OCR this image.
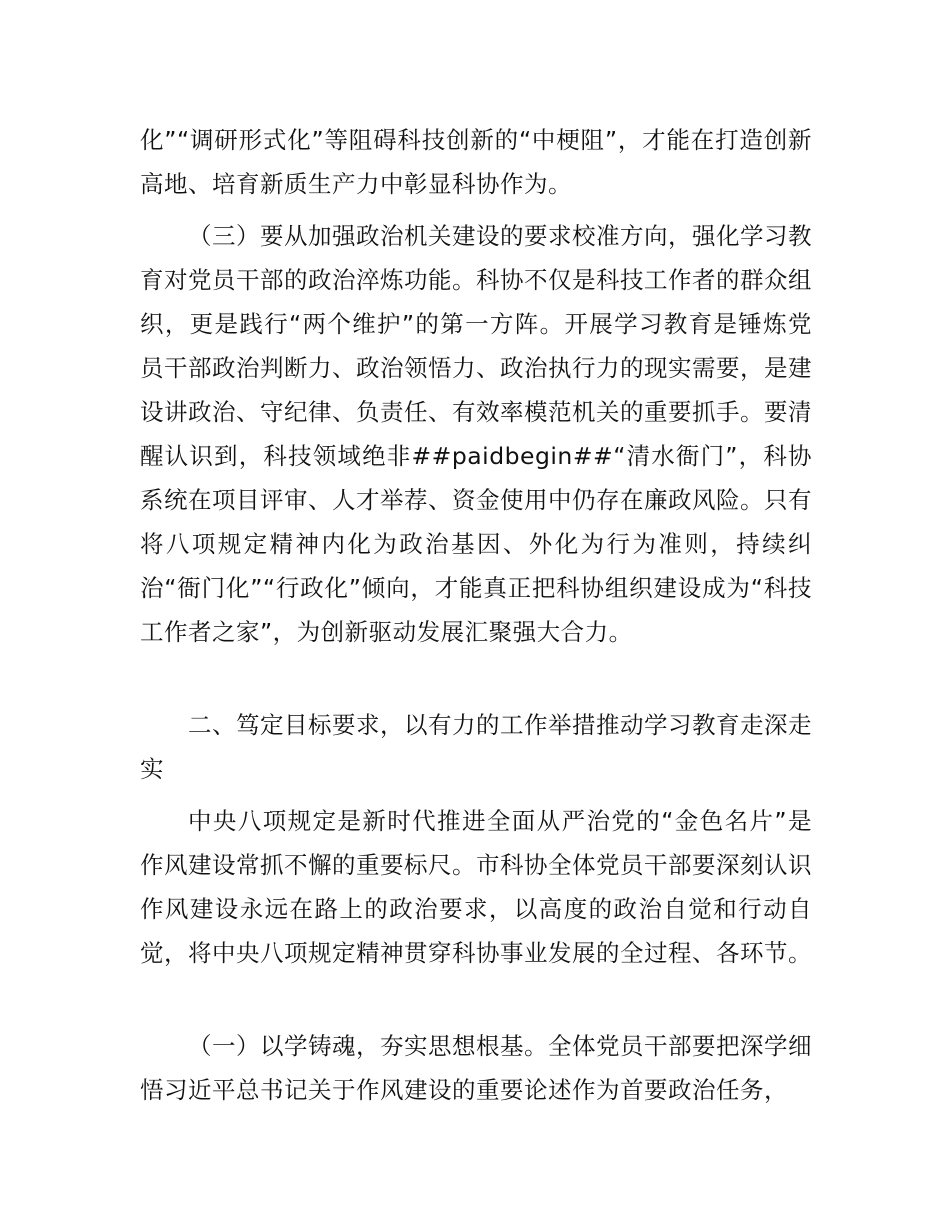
化”“调研形式化”等阻碍科技创新的“中梗阻”，才能在打造创新高地、培育新质生产力中彰显科协作为。

（三）要从加强政治机关建设的要求校准方向，强化学习教育对党员干部的政治淬炼功能。科协不仅是科技工作者的群众组织，更是践行“两个维护”的第一方阵。开展学习教育是锤炼党员干部政治判断力、政治领悟力、政治执行力的现实需要，是建设讲政治、守纪律、负责任、有效率模范机关的重要抓手。要清醒认识到，科技领域绝非##paidbegin##“清水衙门”，科协系统在项目评审、人才举荐、资金使用中仍存在廉政风险。只有将八项规定精神内化为政治基因、外化为行为准则，持续纠治“衙门化”“行政化”倾向，才能真正把科协组织建设成为“科技工作者之家”，为创新驱动发展汇聚强大合力。

二、笃定目标要求，以有力的工作举措推动学习教育走深走实

中央八项规定是新时代推进全面从严治党的“金色名片”是作风建设常抓不懈的重要标尺。市科协全体党员干部要深刻认识作风建设永远在路上的政治要求，以高度的政治自觉和行动自觉，将中央八项规定精神贯穿科协事业发展的全过程、各环节。

（一）以学铸魂，夯实思想根基。全体党员干部要把深学细悟习近平总书记关于作风建设的重要论述作为首要政治任务，
